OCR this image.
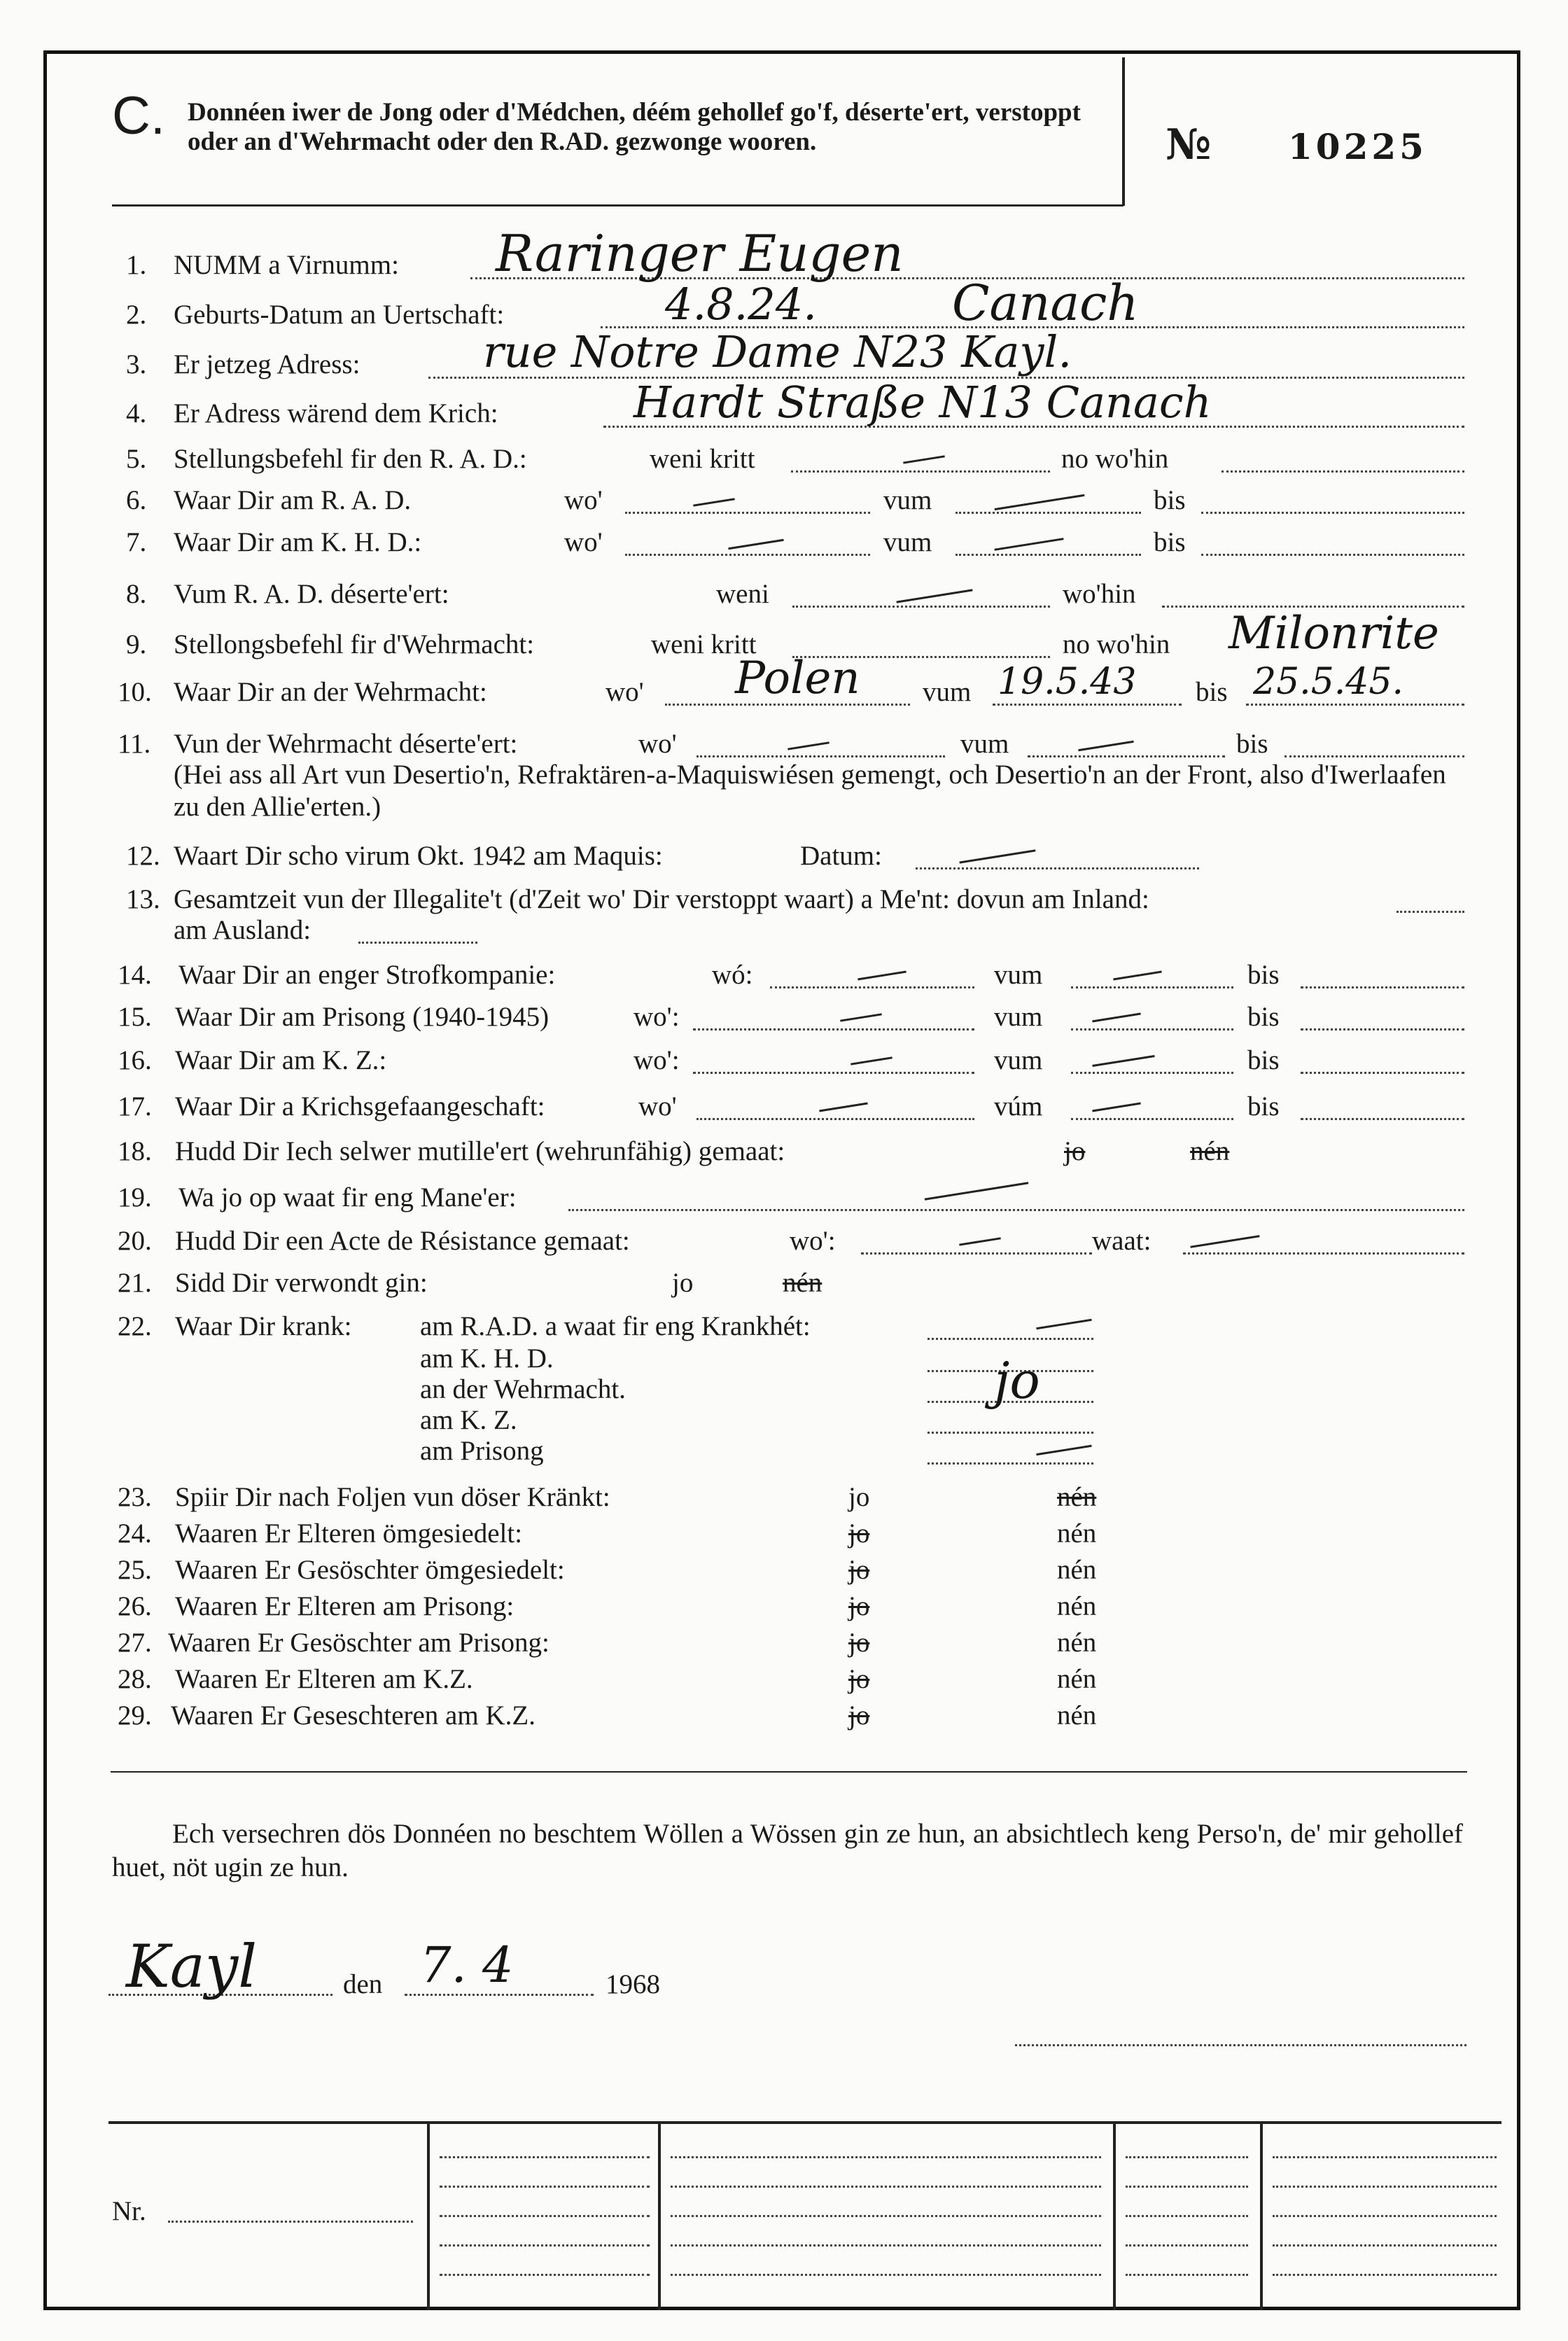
C. Donnéen iwer de Jong oder d'Médchen, déém gehollef go'f, déserte'ert, verstoppt oder an d'Wehrmacht oder den R.AD. gezwonge wooren.	№ 10225
1. NUMM a Virnumm: Raringer Eugen
2. Geburts-Datum an Uertschaft:	4.8.24.	Canach
3. Er jetzeg Adress:	rue Notre Dame N23 Kayl.
4. Er Adress wärend dem Krich:	Hardt Straße N13 Canach
5. Stellungsbefehl fir den R. A. D.:	weni kritt	no wo'hin
6. Waar Dir am R. A. D.	wo'	vum	bis
7. Waar Dir am K. H. D.:	wo'	vum	bis
8. Vum R. A. D. déserte'ert:	weni	wo'hin
9. Stellongsbefehl fir d'Wehrmacht:	weni kritt	no wo'hin Milonrite
10. Waar Dir an der Wehrmacht:	wo' Polen vum 19.5.43 bis 25.5.45.
11. Vun der Wehrmacht déserte'ert:	wo'	vum	bis
(Hei ass all Art vun Desertio'n, Refraktären-a-Maquiswiésen gemengt, och Desertio'n an der Front, also d'Iwerlaafen zu den Allie'erten.)
12. Waart Dir scho virum Okt. 1942 am Maquis:	Datum:
13. Gesamtzeit vun der Illegalite't (d'Zeit wo' Dir verstoppt waart) a Me'nt: dovun am Inland:
am Ausland:
14. Waar Dir an enger Strofkompanie:	wó:	vum	bis
15. Waar Dir am Prisong (1940-1945)	wo':	vum	bis
16. Waar Dir am K. Z.:	wo':	vum	bis
17. Waar Dir a Krichsgefaangeschaft:	wo'	vúm	bis
18. Hudd Dir Iech selwer mutille'ert (wehrunfähig) gemaat:	jo	nén
19. Wa jo op waat fir eng Mane'er:
20. Hudd Dir een Acte de Résistance gemaat:	wo':	waat:
21. Sidd Dir verwondt gin:	jo	nén
22. Waar Dir krank:	am R.A.D. a waat fir eng Krankhét:
am K. H. D.
an der Wehrmacht.	jo
am K. Z.
am Prisong
23. Spiir Dir nach Foljen vun döser Kränkt:	jo	nén
24. Waaren Er Elteren ömgesiedelt:	jo	nén
25. Waaren Er Gesöschter ömgesiedelt:	jo	nén
26. Waaren Er Elteren am Prisong:	jo	nén
27. Waaren Er Gesöschter am Prisong:	jo	nén
28. Waaren Er Elteren am K.Z.	jo	nén
29. Waaren Er Geseschteren am K.Z.	jo	nén
Ech versechren dös Donnéen no beschtem Wöllen a Wössen gin ze hun, an absichtlech keng Perso'n, de' mir gehollef huet, nöt ugin ze hun.
Kayl	den 7. 4	1968
Nr.
